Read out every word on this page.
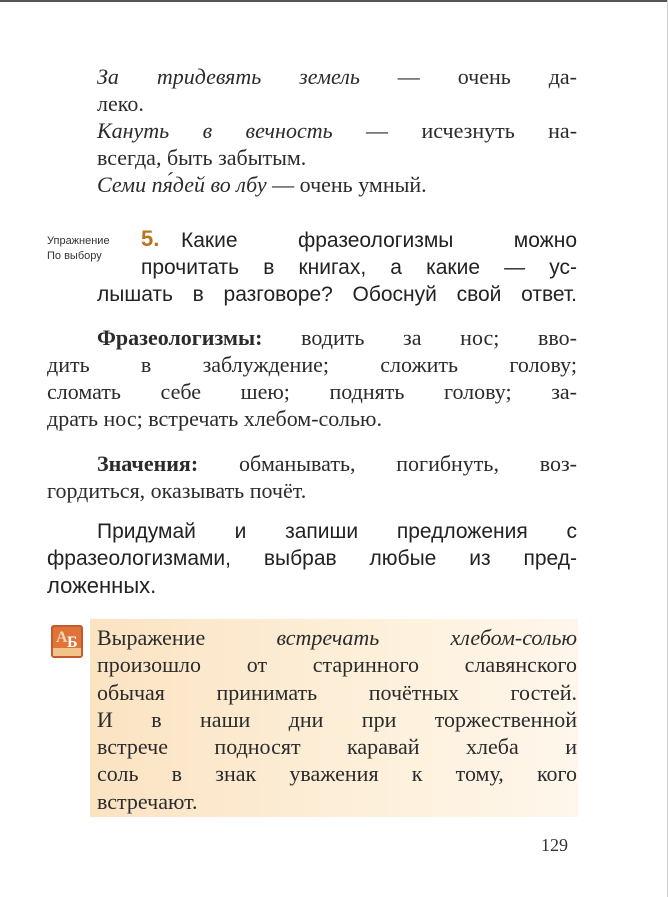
За тридевять земель — очень да-
леко.
Кануть в вечность — исчезнуть на-
всегда, быть забытым.
Семи пя́дей во лбу — очень умный.
Упражнение
По выбору
5. Какие фразеологизмы можно
прочитать в книгах, а какие — ус-
лышать в разговоре? Обоснуй свой ответ.
Фразеологизмы: водить за нос; вво-
дить в заблуждение; сложить голову;
сломать себе шею; поднять голову; за-
драть нос; встречать хлебом-солью.
Значения: обманывать, погибнуть, воз-
гордиться, оказывать почёт.
Придумай и запиши предложения с
фразеологизмами, выбрав любые из пред-
ложенных.
А Б Выражение	встречать хлебом-солью
произошло от старинного славянского
обычая принимать почётных гостей.
И в наши дни при торжественной
встрече подносят каравай хлеба и
соль в знак уважения к тому, кого
встречают.
129
